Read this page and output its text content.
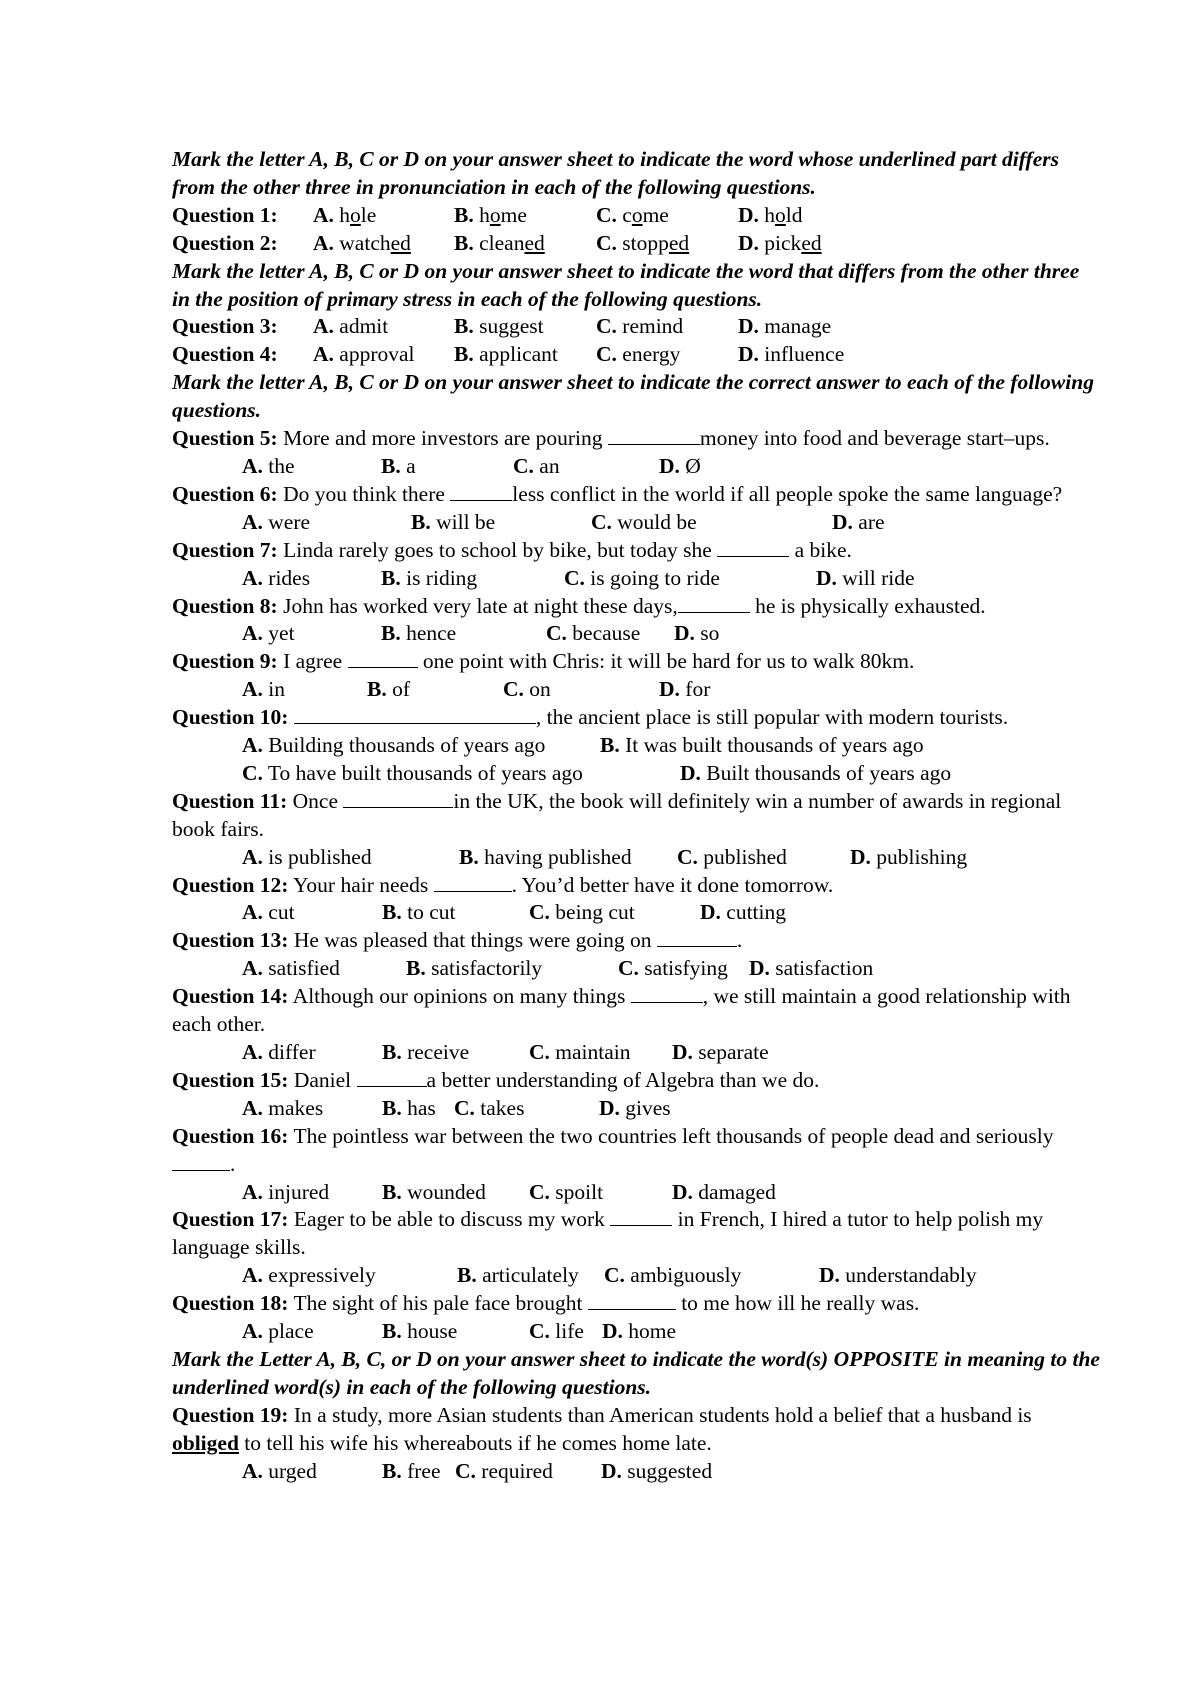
Mark the letter A, B, C or D on your answer sheet to indicate the word whose underlined part differs from the other three in pronunciation in each of the following questions.
Question 1: A. hole	B. home	C. come	D. hold
Question 2: A. watched B. cleaned C. stopped D. picked
Mark the letter A, B, C or D on your answer sheet to indicate the word that differs from the other three in the position of primary stress in each of the following questions.
Question 3: A. admit	B. suggest C. remind	D. manage
Question 4: A. approval B. applicant C. energy	D. influence
Mark the letter A, B, C or D on your answer sheet to indicate the correct answer to each of the following questions.
Question 5: More and more investors are pouring	money into food and beverage start–ups.
A. the	B. a	C. an	D. Ø
Question 6: Do you think there	less conflict in the world if all people spoke the same language?
A. were	B. will be	C. would be	D. are
Question 7: Linda rarely goes to school by bike, but today she	a bike.
A. rides	B. is riding	C. is going to ride	D. will ride
Question 8: John has worked very late at night these days,	he is physically exhausted.
A. yet	B. hence	C. because D. so
Question 9: I agree	one point with Chris: it will be hard for us to walk 80km.
A. in	B. of	C. on	D. for
Question 10:	, the ancient place is still popular with modern tourists.
A. Building thousands of years ago	B. It was built thousands of years ago
C. To have built thousands of years ago	D. Built thousands of years ago
Question 11: Once	in the UK, the book will definitely win a number of awards in regional book fairs.
A. is published	B. having published C. published	D. publishing
Question 12: Your hair needs	. You’d better have it done tomorrow.
A. cut	B. to cut	C. being cut	D. cutting
Question 13: He was pleased that things were going on	.
A. satisfied	B. satisfactorily	C. satisfying D. satisfaction
Question 14: Although our opinions on many things	, we still maintain a good relationship with each other.
A. differ	B. receive	C. maintain D. separate
Question 15: Daniel	a better understanding of Algebra than we do.
A. makes	B. has C. takes	D. gives
Question 16: The pointless war between the two countries left thousands of people dead and seriously .
A. injured B. wounded C. spoilt	D. damaged
Question 17: Eager to be able to discuss my work	in French, I hired a tutor to help polish my language skills.
A. expressively	B. articulately C. ambiguously	D. understandably
Question 18: The sight of his pale face brought	to me how ill he really was.
A. place	B. house	C. life D. home
Mark the Letter A, B, C, or D on your answer sheet to indicate the word(s) OPPOSITE in meaning to the underlined word(s) in each of the following questions.
Question 19: In a study, more Asian students than American students hold a belief that a husband is obliged to tell his wife his whereabouts if he comes home late.
A. urged	B. free C. required D. suggested
